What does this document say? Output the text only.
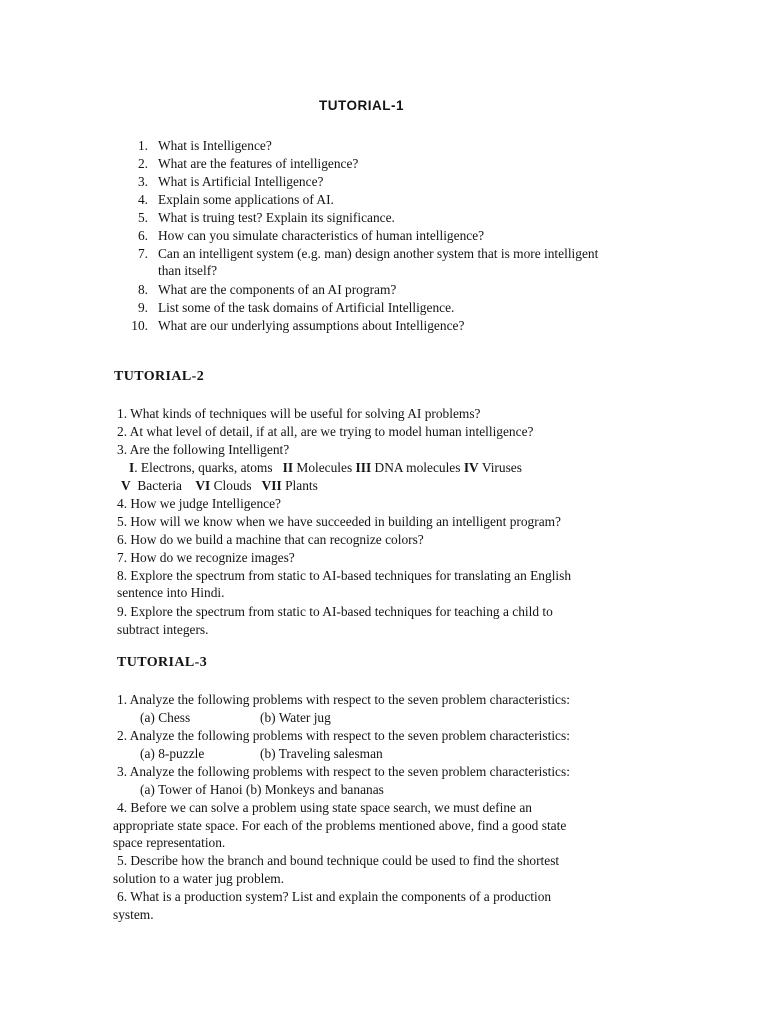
TUTORIAL-1
1. What is Intelligence?
2. What are the features of intelligence?
3. What is Artificial Intelligence?
4. Explain some applications of AI.
5. What is truing test? Explain its significance.
6. How can you simulate characteristics of human intelligence?
7. Can an intelligent system (e.g. man) design another system that is more intelligent
than itself?
8. What are the components of an AI program?
9. List some of the task domains of Artificial Intelligence.
10. What are our underlying assumptions about Intelligence?
TUTORIAL-2
1. What kinds of techniques will be useful for solving AI problems?
2. At what level of detail, if at all, are we trying to model human intelligence?
3. Are the following Intelligent?
I. Electrons, quarks, atoms II Molecules III DNA molecules IV Viruses
V Bacteria VI Clouds VII Plants
4. How we judge Intelligence?
5. How will we know when we have succeeded in building an intelligent program?
6. How do we build a machine that can recognize colors?
7. How do we recognize images?
8. Explore the spectrum from static to AI-based techniques for translating an English
sentence into Hindi.
9. Explore the spectrum from static to AI-based techniques for teaching a child to
subtract integers.
TUTORIAL-3
1. Analyze the following problems with respect to the seven problem characteristics:
(a) Chess	(b) Water jug
2. Analyze the following problems with respect to the seven problem characteristics:
(a) 8-puzzle	(b) Traveling salesman
3. Analyze the following problems with respect to the seven problem characteristics:
(a) Tower of Hanoi (b) Monkeys and bananas
4. Before we can solve a problem using state space search, we must define an
appropriate state space. For each of the problems mentioned above, find a good state
space representation.
5. Describe how the branch and bound technique could be used to find the shortest
solution to a water jug problem.
6. What is a production system? List and explain the components of a production
system.
